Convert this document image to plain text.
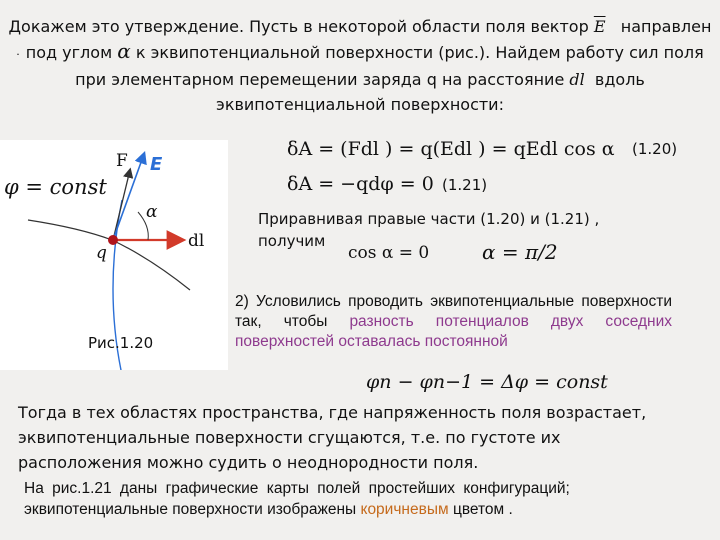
Докажем это утверждение. Пусть в некоторой области поля вектор $\overline{E}$ направлен
· под углом α к эквипотенциальной поверхности (рис.). Найдем работу сил поля
при элементарном перемещении заряда q на расстояние dl вдоль
эквипотенциальной поверхности:
φ = const
F E
α
q
dl
Рис.1.20
δA = (Fdl ) = q(Edl ) = qEdl cos α (1.20)
δA = −qdφ = 0 (1.21)
Приравнивая правые части (1.20) и (1.21) ,
получим
cos α = 0	α = π/2
2) Условились проводить эквипотенциальные поверхности так, чтобы разность потенциалов двух соседних поверхностей оставалась постоянной
φn − φn−1 = Δφ = const
Тогда в тех областях пространства, где напряженность поля возрастает,
эквипотенциальные поверхности сгущаются, т.е. по густоте их
расположения можно судить о неоднородности поля.
На рис.1.21 даны графические карты полей простейших конфигураций;
эквипотенциальные поверхности изображены коричневым цветом .
